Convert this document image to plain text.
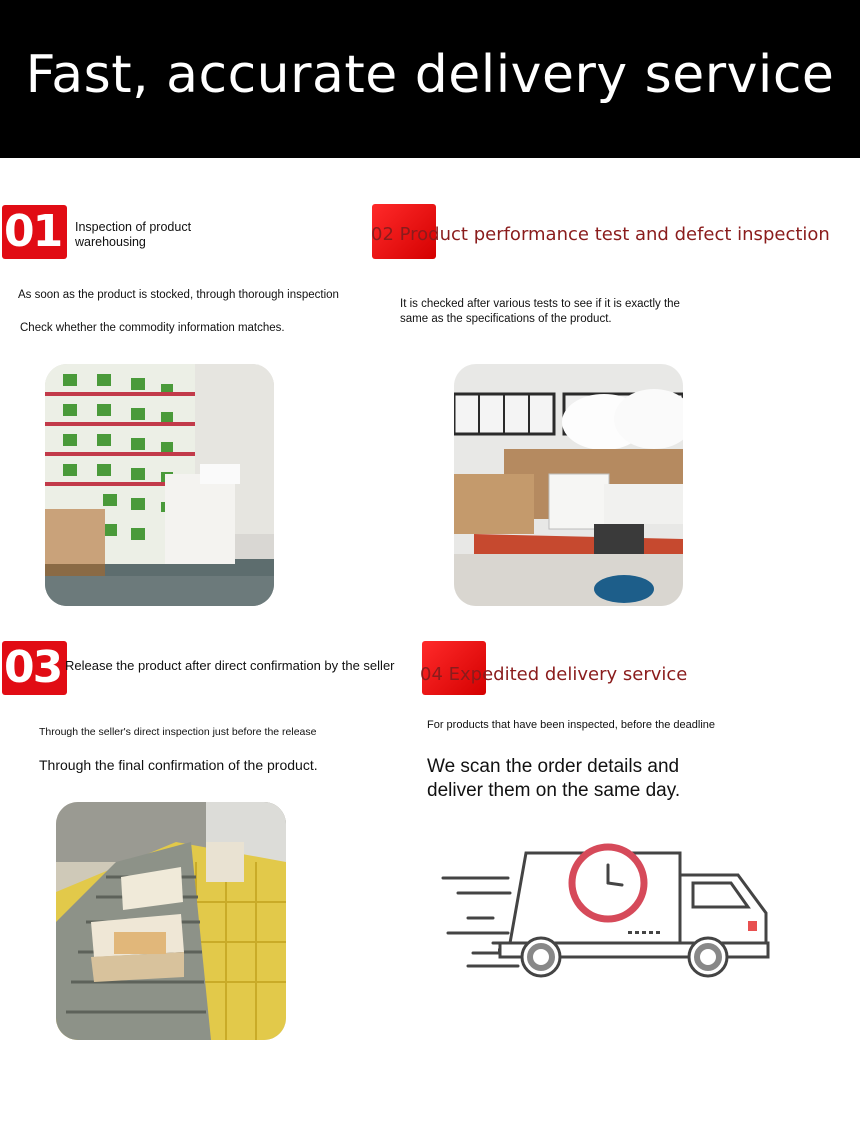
Fast, accurate delivery service
01	Inspection of product warehousing
As soon as the product is stocked, through thorough inspection
Check whether the commodity information matches.
02 Product performance test and defect inspection
It is checked after various tests to see if it is exactly the same as the specifications of the product.
03 Release the product after direct confirmation by the seller
Through the seller's direct inspection just before the release
Through the final confirmation of the product.
04 Expedited delivery service
For products that have been inspected, before the deadline
We scan the order details and deliver them on the same day.
